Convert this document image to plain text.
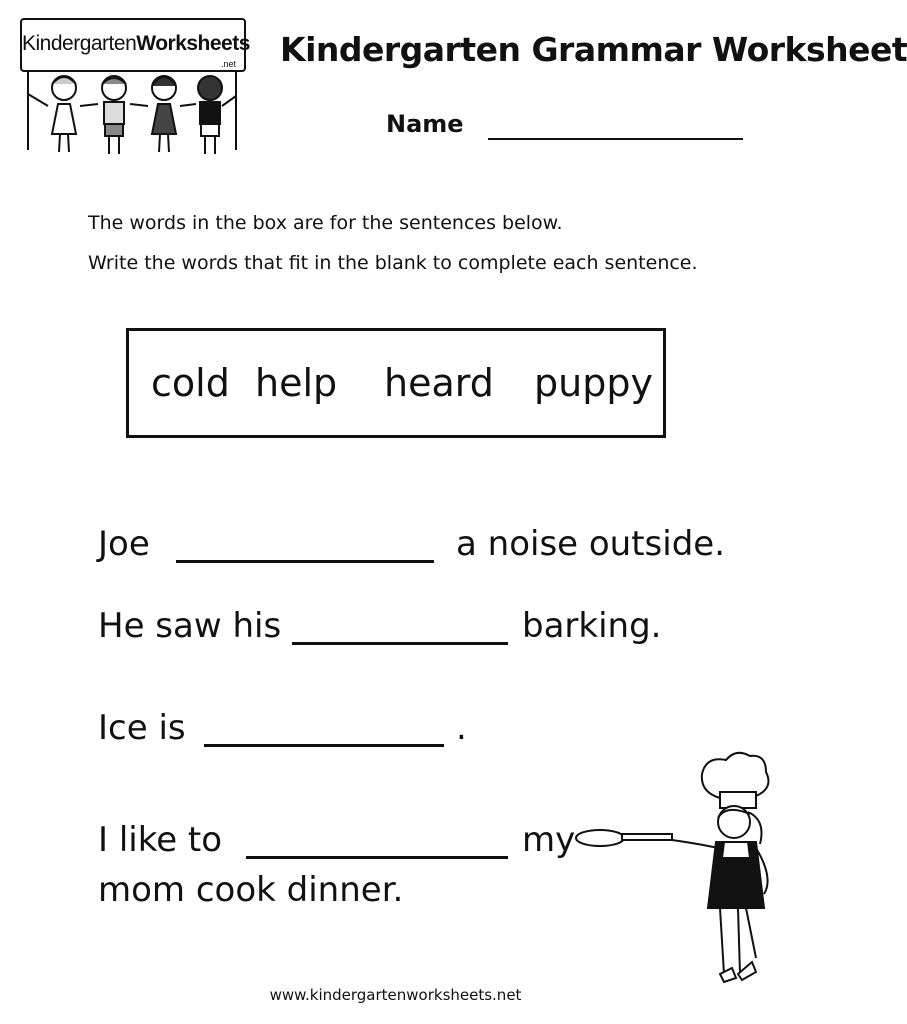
KindergartenWorksheets
.net Kindergarten Grammar Worksheet
Name
The words in the box are for the sentences below.
Write the words that fit in the blank to complete each sentence.
cold help heard puppy
Joe	a noise outside.
He saw his	barking.
Ice is	.
I like to	my
mom cook dinner.
www.kindergartenworksheets.net
